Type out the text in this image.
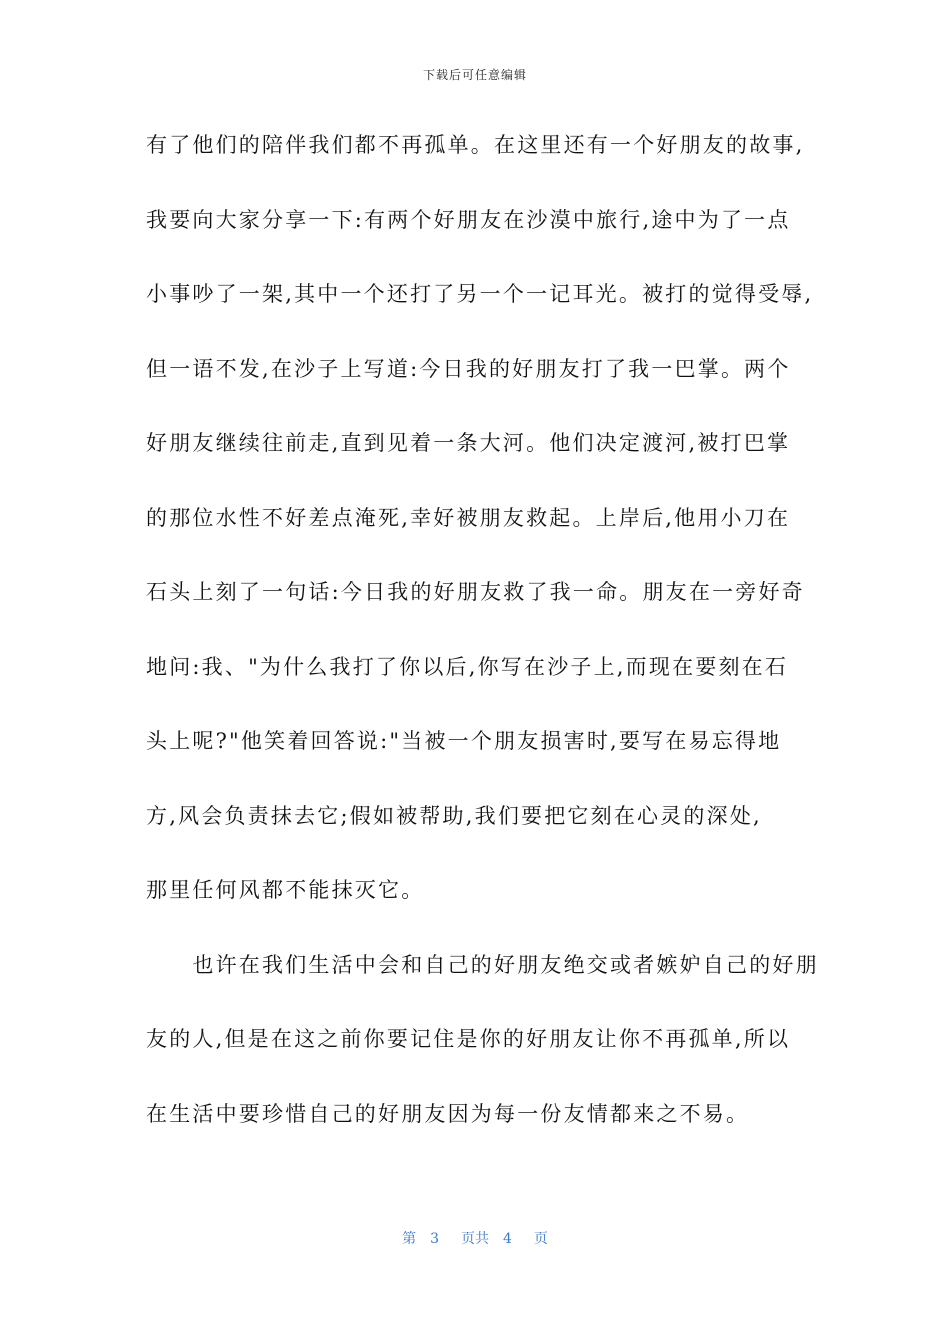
下载后可任意编辑
有了他们的陪伴我们都不再孤单。在这里还有一个好朋友的故事,
我要向大家分享一下:有两个好朋友在沙漠中旅行,途中为了一点
小事吵了一架,其中一个还打了另一个一记耳光。被打的觉得受辱,
但一语不发,在沙子上写道:今日我的好朋友打了我一巴掌。两个
好朋友继续往前走,直到见着一条大河。他们决定渡河,被打巴掌
的那位水性不好差点淹死,幸好被朋友救起。上岸后,他用小刀在
石头上刻了一句话:今日我的好朋友救了我一命。朋友在一旁好奇
地问:我、"为什么我打了你以后,你写在沙子上,而现在要刻在石
头上呢?"他笑着回答说:"当被一个朋友损害时,要写在易忘得地
方,风会负责抹去它;假如被帮助,我们要把它刻在心灵的深处,
那里任何风都不能抹灭它。
　　也许在我们生活中会和自己的好朋友绝交或者嫉妒自己的好朋
友的人,但是在这之前你要记住是你的好朋友让你不再孤单,所以
在生活中要珍惜自己的好朋友因为每一份友情都来之不易。
第 3 页共 4 页
